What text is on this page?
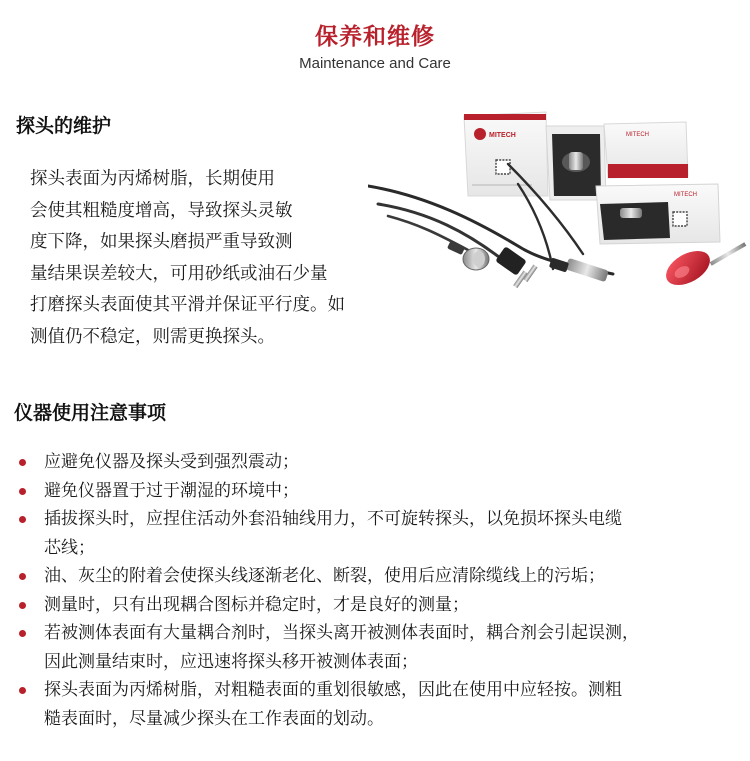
保养和维修
Maintenance and Care
探头的维护
探头表面为丙烯树脂，长期使用
会使其粗糙度增高，导致探头灵敏
度下降，如果探头磨损严重导致测
量结果误差较大，可用砂纸或油石少量
打磨探头表面使其平滑并保证平行度。如
测值仍不稳定，则需更换探头。
MITECH	MITECH
MITECH
仪器使用注意事项
应避免仪器及探头受到强烈震动；
避免仪器置于过于潮湿的环境中；
插拔探头时，应捏住活动外套沿轴线用力，不可旋转探头，以免损坏探头电缆
芯线；
油、灰尘的附着会使探头线逐渐老化、断裂，使用后应清除缆线上的污垢；
测量时，只有出现耦合图标并稳定时，才是良好的测量；
若被测体表面有大量耦合剂时，当探头离开被测体表面时，耦合剂会引起误测，
因此测量结束时，应迅速将探头移开被测体表面；
探头表面为丙烯树脂，对粗糙表面的重划很敏感，因此在使用中应轻按。测粗
糙表面时，尽量减少探头在工作表面的划动。
